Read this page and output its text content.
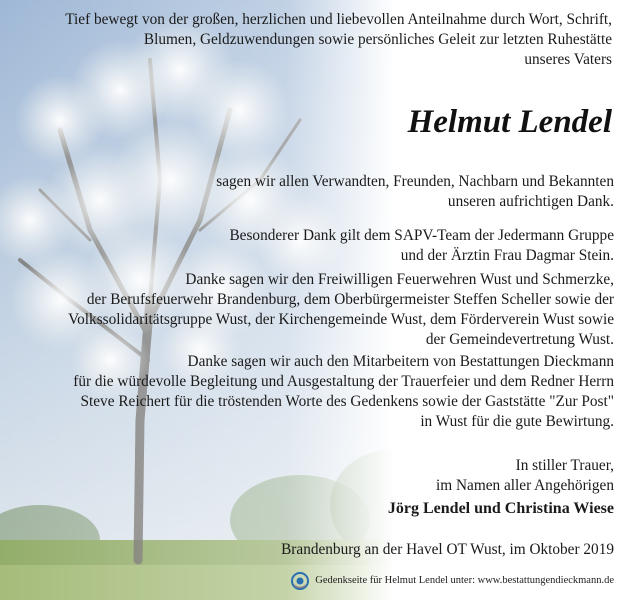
Tief bewegt von der großen, herzlichen und liebevollen Anteilnahme durch Wort, Schrift,
Blumen, Geldzuwendungen sowie persönliches Geleit zur letzten Ruhestätte
unseres Vaters

Helmut Lendel

sagen wir allen Verwandten, Freunden, Nachbarn und Bekannten
unseren aufrichtigen Dank.

Besonderer Dank gilt dem SAPV-Team der Jedermann Gruppe
und der Ärztin Frau Dagmar Stein.

Danke sagen wir den Freiwilligen Feuerwehren Wust und Schmerzke,
der Berufsfeuerwehr Brandenburg, dem Oberbürgermeister Steffen Scheller sowie der
Volkssolidaritätsgruppe Wust, der Kirchengemeinde Wust, dem Förderverein Wust sowie
der Gemeindevertretung Wust.

Danke sagen wir auch den Mitarbeitern von Bestattungen Dieckmann
für die würdevolle Begleitung und Ausgestaltung der Trauerfeier und dem Redner Herrn
Steve Reichert für die tröstenden Worte des Gedenkens sowie der Gaststätte "Zur Post"
in Wust für die gute Bewirtung.

In stiller Trauer,
im Namen aller Angehörigen

Jörg Lendel und Christina Wiese

Brandenburg an der Havel OT Wust, im Oktober 2019

Gedenkseite für Helmut Lendel unter: www.bestattungendieckmann.de
